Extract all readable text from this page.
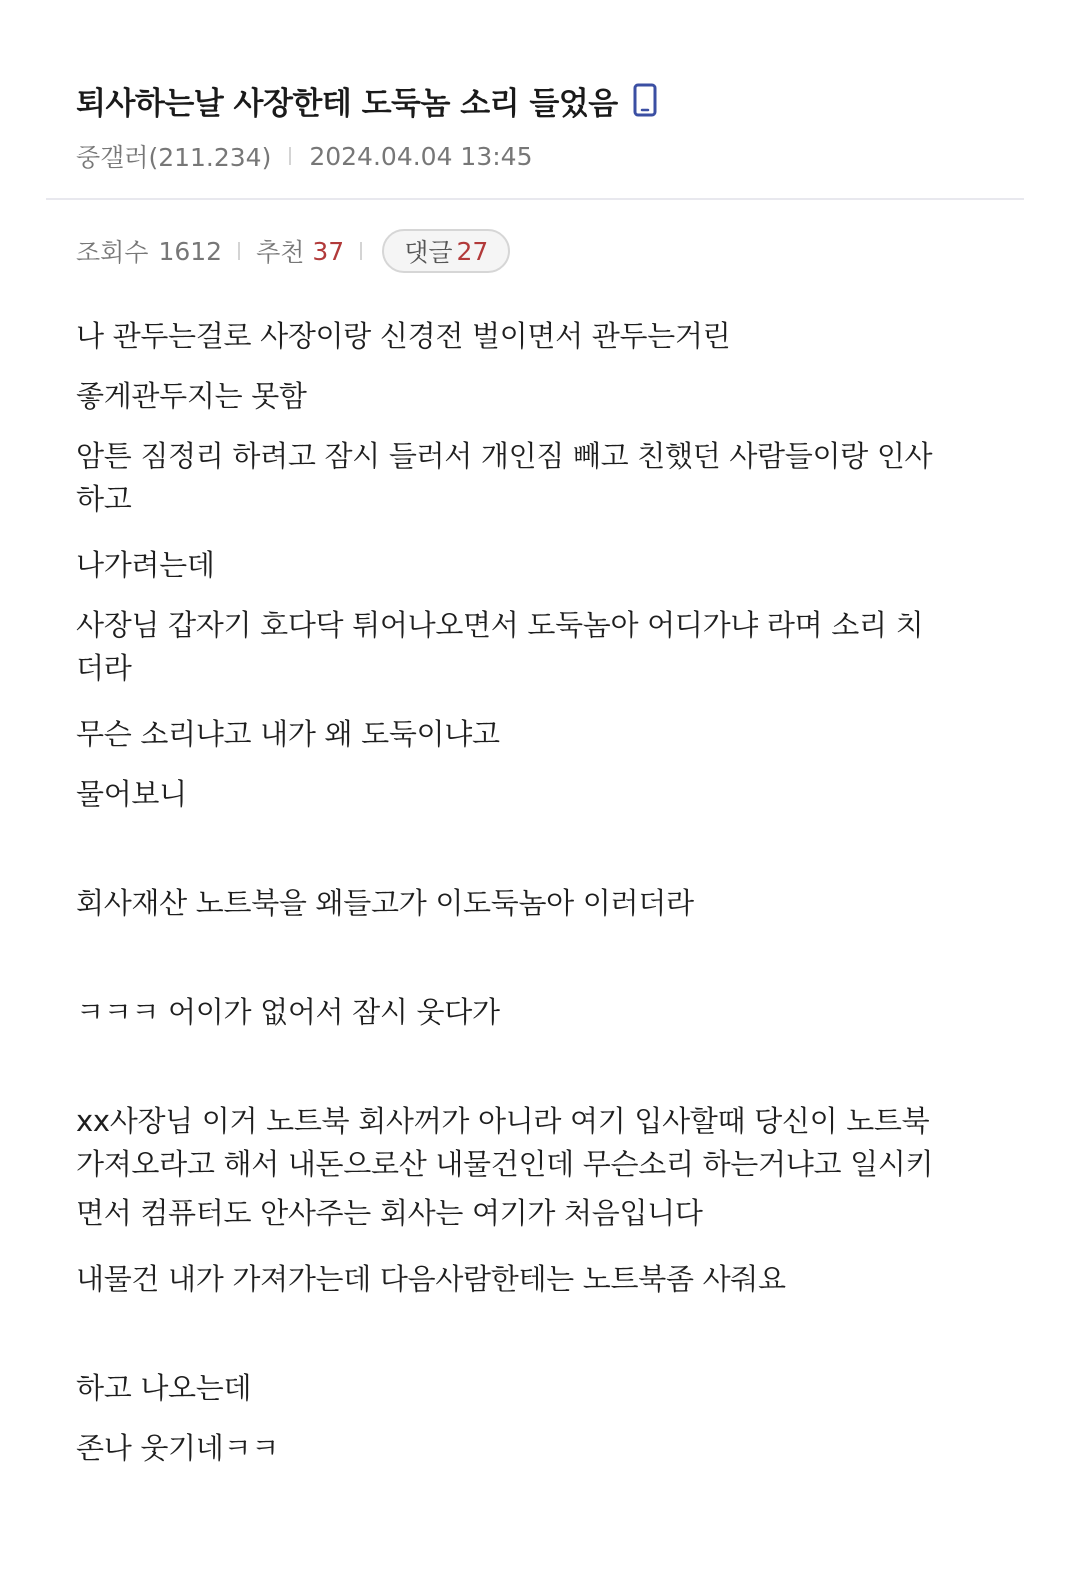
퇴사하는날 사장한테 도둑놈 소리 들었음
중갤러(211.234) 2024.04.04 13:45
조회수 1612 추천 37 댓글 27
나 관두는걸로 사장이랑 신경전 벌이면서 관두는거린
좋게관두지는 못함
암튼 짐정리 하려고 잠시 들러서 개인짐 빼고 친했던 사람들이랑 인사
하고
나가려는데
사장님 갑자기 호다닥 튀어나오면서 도둑놈아 어디가냐 라며 소리 치
더라
무슨 소리냐고 내가 왜 도둑이냐고
물어보니
회사재산 노트북을 왜들고가 이도둑놈아 이러더라
ㅋㅋㅋ 어이가 없어서 잠시 웃다가
xx사장님 이거 노트북 회사꺼가 아니라 여기 입사할때 당신이 노트북
가져오라고 해서 내돈으로산 내물건인데 무슨소리 하는거냐고 일시키
면서 컴퓨터도 안사주는 회사는 여기가 처음입니다
내물건 내가 가져가는데 다음사람한테는 노트북좀 사줘요
하고 나오는데
존나 웃기네ㅋㅋ
